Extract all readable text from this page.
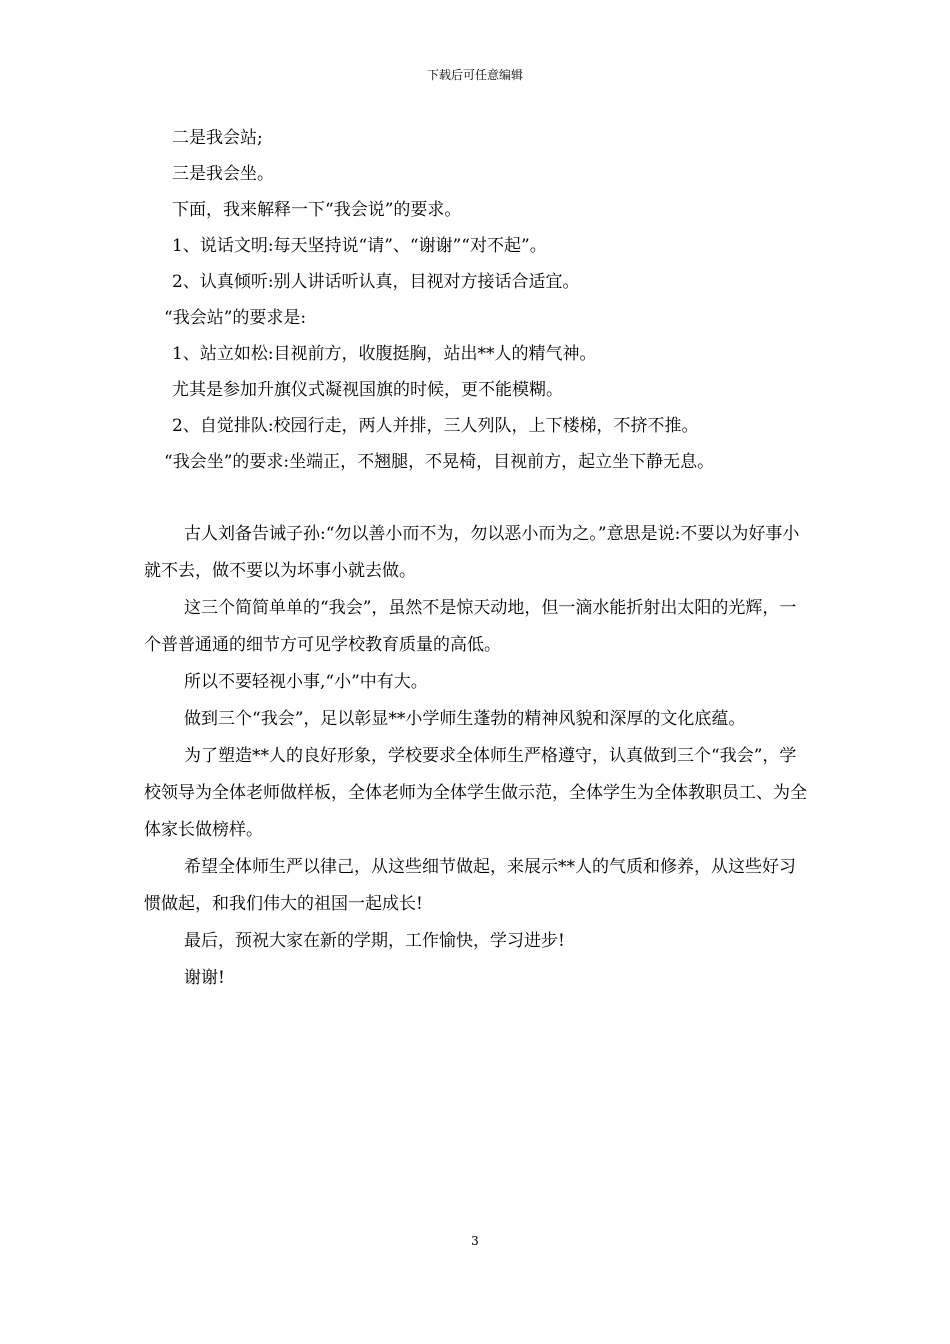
下载后可任意编辑
二是我会站;
三是我会坐。
下面，我来解释一下“我会说”的要求。
1、说话文明:每天坚持说“请”、“谢谢”“对不起”。
2、认真倾听:别人讲话听认真，目视对方接话合适宜。
“我会站”的要求是:
1、站立如松:目视前方，收腹挺胸，站出**人的精气神。
尤其是参加升旗仪式凝视国旗的时候，更不能模糊。
2、自觉排队:校园行走，两人并排，三人列队，上下楼梯，不挤不推。
“我会坐”的要求:坐端正，不翘腿，不晃椅，目视前方，起立坐下静无息。

古人刘备告诫子孙:“勿以善小而不为，勿以恶小而为之。”意思是说:不要以为好事小就不去，做不要以为坏事小就去做。

这三个简简单单的“我会”，虽然不是惊天动地，但一滴水能折射出太阳的光辉，一个普普通通的细节方可见学校教育质量的高低。

所以不要轻视小事,“小”中有大。

做到三个“我会”，足以彰显**小学师生蓬勃的精神风貌和深厚的文化底蕴。

为了塑造**人的良好形象，学校要求全体师生严格遵守，认真做到三个“我会”，学校领导为全体老师做样板，全体老师为全体学生做示范，全体学生为全体教职员工、为全体家长做榜样。

希望全体师生严以律己，从这些细节做起，来展示**人的气质和修养，从这些好习惯做起，和我们伟大的祖国一起成长!

最后，预祝大家在新的学期，工作愉快，学习进步!

谢谢!

3
